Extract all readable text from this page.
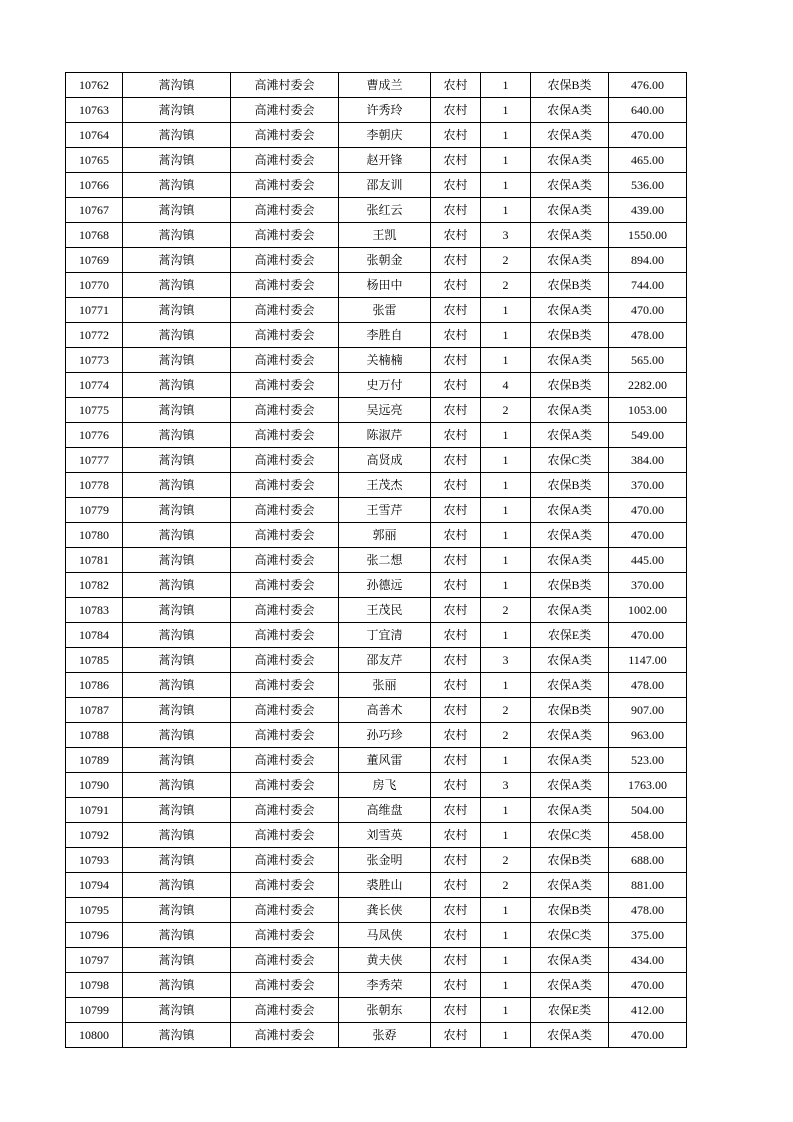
10762	蒿沟镇	高滩村委会	曹成兰	农村	1	农保B类	476.00
10763	蒿沟镇	高滩村委会	许秀玲	农村	1	农保A类	640.00
10764	蒿沟镇	高滩村委会	李朝庆	农村	1	农保A类	470.00
10765	蒿沟镇	高滩村委会	赵开锋	农村	1	农保A类	465.00
10766	蒿沟镇	高滩村委会	邵友训	农村	1	农保A类	536.00
10767	蒿沟镇	高滩村委会	张红云	农村	1	农保A类	439.00
10768	蒿沟镇	高滩村委会	王凯	农村	3	农保A类	1550.00
10769	蒿沟镇	高滩村委会	张朝金	农村	2	农保A类	894.00
10770	蒿沟镇	高滩村委会	杨田中	农村	2	农保B类	744.00
10771	蒿沟镇	高滩村委会	张雷	农村	1	农保A类	470.00
10772	蒿沟镇	高滩村委会	李胜自	农村	1	农保B类	478.00
10773	蒿沟镇	高滩村委会	关楠楠	农村	1	农保A类	565.00
10774	蒿沟镇	高滩村委会	史万付	农村	4	农保B类	2282.00
10775	蒿沟镇	高滩村委会	吴远亮	农村	2	农保A类	1053.00
10776	蒿沟镇	高滩村委会	陈淑芹	农村	1	农保A类	549.00
10777	蒿沟镇	高滩村委会	高贤成	农村	1	农保C类	384.00
10778	蒿沟镇	高滩村委会	王茂杰	农村	1	农保B类	370.00
10779	蒿沟镇	高滩村委会	王雪芹	农村	1	农保A类	470.00
10780	蒿沟镇	高滩村委会	郭丽	农村	1	农保A类	470.00
10781	蒿沟镇	高滩村委会	张二想	农村	1	农保A类	445.00
10782	蒿沟镇	高滩村委会	孙德远	农村	1	农保B类	370.00
10783	蒿沟镇	高滩村委会	王茂民	农村	2	农保A类	1002.00
10784	蒿沟镇	高滩村委会	丁宜清	农村	1	农保E类	470.00
10785	蒿沟镇	高滩村委会	邵友芹	农村	3	农保A类	1147.00
10786	蒿沟镇	高滩村委会	张丽	农村	1	农保A类	478.00
10787	蒿沟镇	高滩村委会	高善术	农村	2	农保B类	907.00
10788	蒿沟镇	高滩村委会	孙巧珍	农村	2	农保A类	963.00
10789	蒿沟镇	高滩村委会	董风雷	农村	1	农保A类	523.00
10790	蒿沟镇	高滩村委会	房飞	农村	3	农保A类	1763.00
10791	蒿沟镇	高滩村委会	高维盘	农村	1	农保A类	504.00
10792	蒿沟镇	高滩村委会	刘雪英	农村	1	农保C类	458.00
10793	蒿沟镇	高滩村委会	张金明	农村	2	农保B类	688.00
10794	蒿沟镇	高滩村委会	裘胜山	农村	2	农保A类	881.00
10795	蒿沟镇	高滩村委会	龚长侠	农村	1	农保B类	478.00
10796	蒿沟镇	高滩村委会	马凤侠	农村	1	农保C类	375.00
10797	蒿沟镇	高滩村委会	黄夫侠	农村	1	农保A类	434.00
10798	蒿沟镇	高滩村委会	李秀荣	农村	1	农保A类	470.00
10799	蒿沟镇	高滩村委会	张朝东	农村	1	农保E类	412.00
10800	蒿沟镇	高滩村委会	张孬	农村	1	农保A类	470.00
